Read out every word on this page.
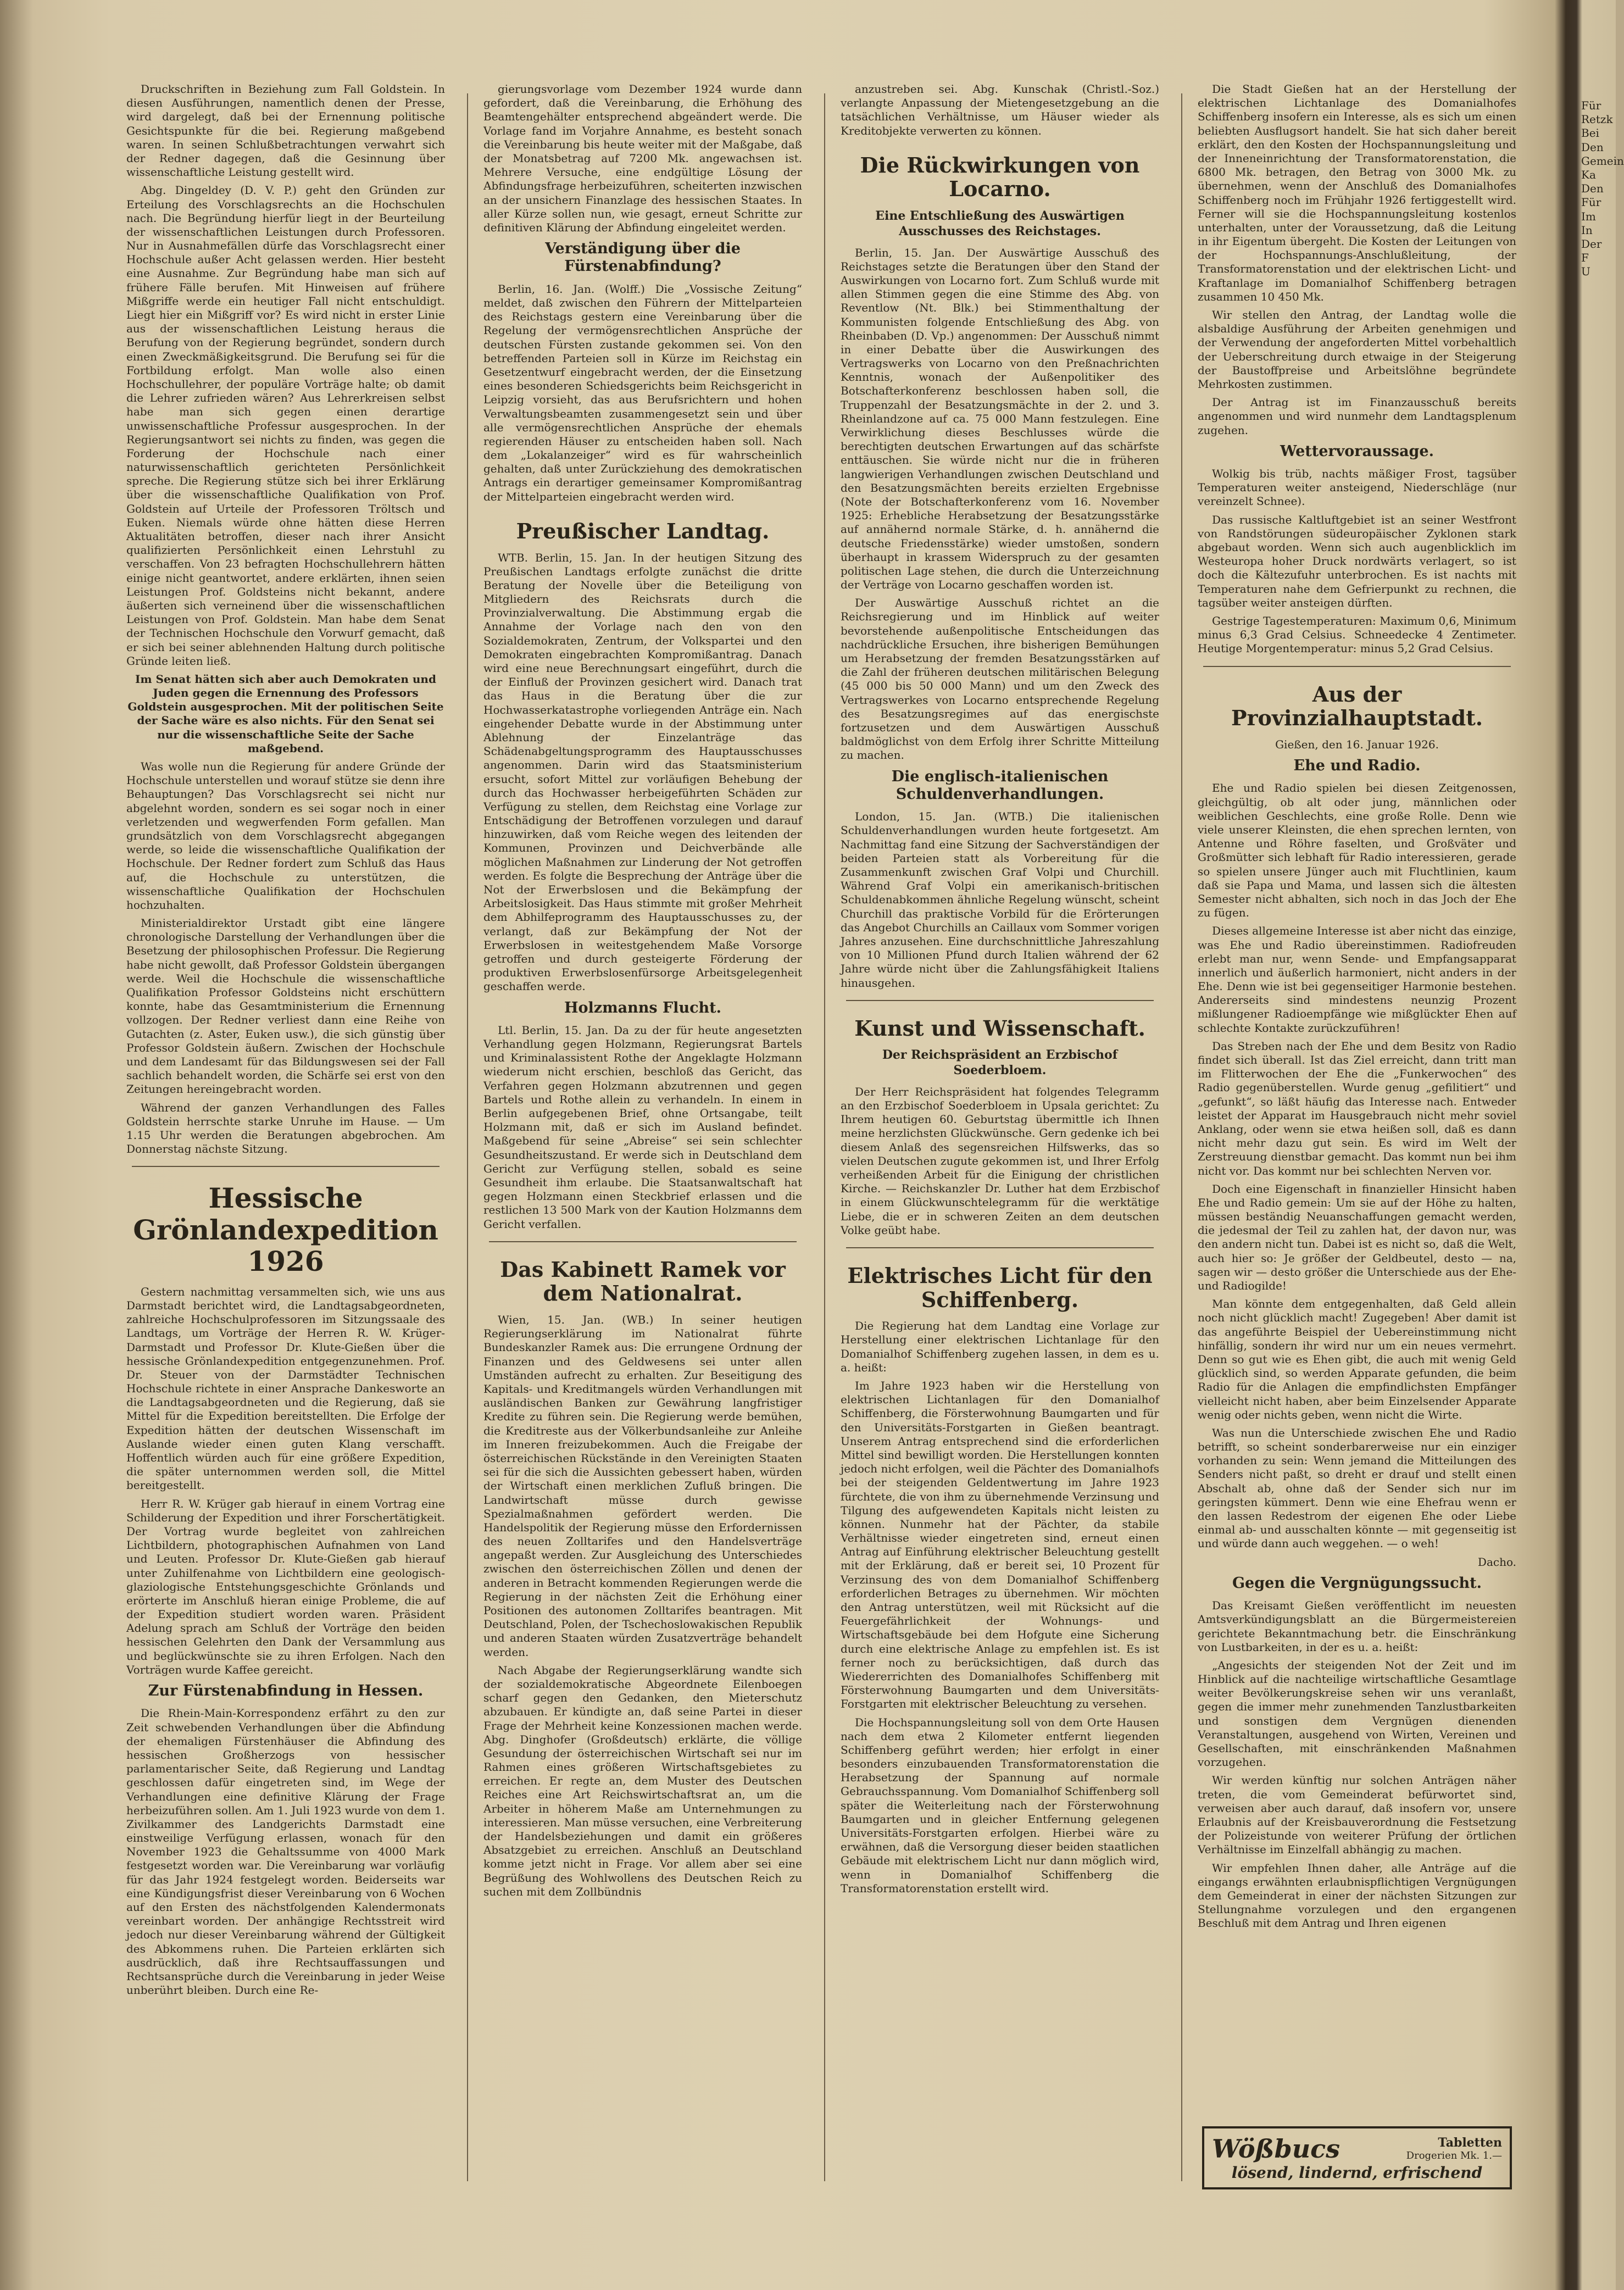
Druckschriften in Beziehung zum Fall Goldstein. In diesen Ausführungen, namentlich denen der Presse, wird dargelegt, daß bei der Ernennung politische Gesichtspunkte für die bei. Regierung maßgebend waren. In seinen Schlußbetrachtungen verwahrt sich der Redner dagegen, daß die Gesinnung über wissenschaftliche Leistung gestellt wird.

Abg. Dingeldey (D. V. P.) geht den Gründen zur Erteilung des Vorschlagsrechts an die Hochschulen nach. Die Begründung hierfür liegt in der Beurteilung der wissenschaftlichen Leistungen durch Professoren. Nur in Ausnahmefällen dürfe das Vorschlagsrecht einer Hochschule außer Acht gelassen werden. Hier besteht eine Ausnahme. Zur Begründung habe man sich auf frühere Fälle berufen. Mit Hinweisen auf frühere Mißgriffe werde ein heutiger Fall nicht entschuldigt. Liegt hier ein Mißgriff vor? Es wird nicht in erster Linie aus der wissenschaftlichen Leistung heraus die Berufung von der Regierung begründet, sondern durch einen Zweckmäßigkeitsgrund. Die Berufung sei für die Fortbildung erfolgt. Man wolle also einen Hochschullehrer, der populäre Vorträge halte; ob damit die Lehrer zufrieden wären? Aus Lehrerkreisen selbst habe man sich gegen einen derartige unwissenschaftliche Professur ausgesprochen. In der Regierungsantwort sei nichts zu finden, was gegen die Forderung der Hochschule nach einer naturwissenschaftlich gerichteten Persönlichkeit spreche. Die Regierung stütze sich bei ihrer Erklärung über die wissenschaftliche Qualifikation von Prof. Goldstein auf Urteile der Professoren Tröltsch und Euken. Niemals würde ohne hätten diese Herren Aktualitäten betroffen, dieser nach ihrer Ansicht qualifizierten Persönlichkeit einen Lehrstuhl zu verschaffen. Von 23 befragten Hochschullehrern hätten einige nicht geantwortet, andere erklärten, ihnen seien Leistungen Prof. Goldsteins nicht bekannt, andere äußerten sich verneinend über die wissenschaftlichen Leistungen von Prof. Goldstein. Man habe dem Senat der Technischen Hochschule den Vorwurf gemacht, daß er sich bei seiner ablehnenden Haltung durch politische Gründe leiten ließ.

Im Senat hätten sich aber auch Demokraten und Juden gegen die Ernennung des Professors Goldstein ausgesprochen. Mit der politischen Seite der Sache wäre es also nichts. Für den Senat sei nur die wissenschaftliche Seite der Sache maßgebend.

Was wolle nun die Regierung für andere Gründe der Hochschule unterstellen und worauf stütze sie denn ihre Behauptungen? Das Vorschlagsrecht sei nicht nur abgelehnt worden, sondern es sei sogar noch in einer verletzenden und wegwerfenden Form gefallen. Man grundsätzlich von dem Vorschlagsrecht abgegangen werde, so leide die wissenschaftliche Qualifikation der Hochschule. Der Redner fordert zum Schluß das Haus auf, die Hochschule zu unterstützen, die wissenschaftliche Qualifikation der Hochschulen hochzuhalten.

Ministerialdirektor Urstadt gibt eine längere chronologische Darstellung der Verhandlungen über die Besetzung der philosophischen Professur. Die Regierung habe nicht gewollt, daß Professor Goldstein übergangen werde. Weil die Hochschule die wissenschaftliche Qualifikation Professor Goldsteins nicht erschüttern konnte, habe das Gesamtministerium die Ernennung vollzogen. Der Redner verliest dann eine Reihe von Gutachten (z. Aster, Euken usw.), die sich günstig über Professor Goldstein äußern. Zwischen der Hochschule und dem Landesamt für das Bildungswesen sei der Fall sachlich behandelt worden, die Schärfe sei erst von den Zeitungen hereingebracht worden.

Während der ganzen Verhandlungen des Falles Goldstein herrschte starke Unruhe im Hause. — Um 1.15 Uhr werden die Beratungen abgebrochen. Am Donnerstag nächste Sitzung.

Hessische Grönlandexpedition 1926

Gestern nachmittag versammelten sich, wie uns aus Darmstadt berichtet wird, die Landtagsabgeordneten, zahlreiche Hochschulprofessoren im Sitzungssaale des Landtags, um Vorträge der Herren R. W. Krüger-Darmstadt und Professor Dr. Klute-Gießen über die hessische Grönlandexpedition entgegenzunehmen. Prof. Dr. Steuer von der Darmstädter Technischen Hochschule richtete in einer Ansprache Dankesworte an die Landtagsabgeordneten und die Regierung, daß sie Mittel für die Expedition bereitstellten. Die Erfolge der Expedition hätten der deutschen Wissenschaft im Auslande wieder einen guten Klang verschafft. Hoffentlich würden auch für eine größere Expedition, die später unternommen werden soll, die Mittel bereitgestellt.

Herr R. W. Krüger gab hierauf in einem Vortrag eine Schilderung der Expedition und ihrer Forschertätigkeit. Der Vortrag wurde begleitet von zahlreichen Lichtbildern, photographischen Aufnahmen von Land und Leuten. Professor Dr. Klute-Gießen gab hierauf unter Zuhilfenahme von Lichtbildern eine geologisch-glaziologische Entstehungsgeschichte Grönlands und erörterte im Anschluß hieran einige Probleme, die auf der Expedition studiert worden waren. Präsident Adelung sprach am Schluß der Vorträge den beiden hessischen Gelehrten den Dank der Versammlung aus und beglückwünschte sie zu ihren Erfolgen. Nach den Vorträgen wurde Kaffee gereicht.

Zur Fürstenabfindung in Hessen.

Die Rhein-Main-Korrespondenz erfährt zu den zur Zeit schwebenden Verhandlungen über die Abfindung der ehemaligen Fürstenhäuser die Abfindung des hessischen Großherzogs von hessischer parlamentarischer Seite, daß Regierung und Landtag geschlossen dafür eingetreten sind, im Wege der Verhandlungen eine definitive Klärung der Frage herbeizuführen sollen. Am 1. Juli 1923 wurde von dem 1. Zivilkammer des Landgerichts Darmstadt eine einstweilige Verfügung erlassen, wonach für den November 1923 die Gehaltssumme von 4000 Mark festgesetzt worden war. Die Vereinbarung war vorläufig für das Jahr 1924 festgelegt worden. Beiderseits war eine Kündigungsfrist dieser Vereinbarung von 6 Wochen auf den Ersten des nächstfolgenden Kalendermonats vereinbart worden. Der anhängige Rechtsstreit wird jedoch nur dieser Vereinbarung während der Gültigkeit des Abkommens ruhen. Die Parteien erklärten sich ausdrücklich, daß ihre Rechtsauffassungen und Rechtsansprüche durch die Vereinbarung in jeder Weise unberührt bleiben. Durch eine Re-

gierungsvorlage vom Dezember 1924 wurde dann gefordert, daß die Vereinbarung, die Erhöhung des Beamtengehälter entsprechend abgeändert werde. Die Vorlage fand im Vorjahre Annahme, es besteht sonach die Vereinbarung bis heute weiter mit der Maßgabe, daß der Monatsbetrag auf 7200 Mk. angewachsen ist. Mehrere Versuche, eine endgültige Lösung der Abfindungsfrage herbeizuführen, scheiterten inzwischen an der unsichern Finanzlage des hessischen Staates. In aller Kürze sollen nun, wie gesagt, erneut Schritte zur definitiven Klärung der Abfindung eingeleitet werden.

Verständigung über die Fürstenabfindung?

Berlin, 16. Jan. (Wolff.) Die „Vossische Zeitung“ meldet, daß zwischen den Führern der Mittelparteien des Reichstags gestern eine Vereinbarung über die Regelung der vermögensrechtlichen Ansprüche der deutschen Fürsten zustande gekommen sei. Von den betreffenden Parteien soll in Kürze im Reichstag ein Gesetzentwurf eingebracht werden, der die Einsetzung eines besonderen Schiedsgerichts beim Reichsgericht in Leipzig vorsieht, das aus Berufsrichtern und hohen Verwaltungsbeamten zusammengesetzt sein und über alle vermögensrechtlichen Ansprüche der ehemals regierenden Häuser zu entscheiden haben soll. Nach dem „Lokalanzeiger“ wird es für wahrscheinlich gehalten, daß unter Zurückziehung des demokratischen Antrags ein derartiger gemeinsamer Kompromißantrag der Mittelparteien eingebracht werden wird.

Preußischer Landtag.

WTB. Berlin, 15. Jan. In der heutigen Sitzung des Preußischen Landtags erfolgte zunächst die dritte Beratung der Novelle über die Beteiligung von Mitgliedern des Reichsrats durch die Provinzialverwaltung. Die Abstimmung ergab die Annahme der Vorlage nach den von den Sozialdemokraten, Zentrum, der Volkspartei und den Demokraten eingebrachten Kompromißantrag. Danach wird eine neue Berechnungsart eingeführt, durch die der Einfluß der Provinzen gesichert wird. Danach trat das Haus in die Beratung über die zur Hochwasserkatastrophe vorliegenden Anträge ein. Nach eingehender Debatte wurde in der Abstimmung unter Ablehnung der Einzelanträge das Schädenabgeltungsprogramm des Hauptausschusses angenommen. Darin wird das Staatsministerium ersucht, sofort Mittel zur vorläufigen Behebung der durch das Hochwasser herbeigeführten Schäden zur Verfügung zu stellen, dem Reichstag eine Vorlage zur Entschädigung der Betroffenen vorzulegen und darauf hinzuwirken, daß vom Reiche wegen des leitenden der Kommunen, Provinzen und Deichverbände alle möglichen Maßnahmen zur Linderung der Not getroffen werden. Es folgte die Besprechung der Anträge über die Not der Erwerbslosen und die Bekämpfung der Arbeitslosigkeit. Das Haus stimmte mit großer Mehrheit dem Abhilfeprogramm des Hauptausschusses zu, der verlangt, daß zur Bekämpfung der Not der Erwerbslosen in weitestgehendem Maße Vorsorge getroffen und durch gesteigerte Förderung der produktiven Erwerbslosenfürsorge Arbeitsgelegenheit geschaffen werde.

Holzmanns Flucht.

Ltl. Berlin, 15. Jan. Da zu der für heute angesetzten Verhandlung gegen Holzmann, Regierungsrat Bartels und Kriminalassistent Rothe der Angeklagte Holzmann wiederum nicht erschien, beschloß das Gericht, das Verfahren gegen Holzmann abzutrennen und gegen Bartels und Rothe allein zu verhandeln. In einem in Berlin aufgegebenen Brief, ohne Ortsangabe, teilt Holzmann mit, daß er sich im Ausland befindet. Maßgebend für seine „Abreise“ sei sein schlechter Gesundheitszustand. Er werde sich in Deutschland dem Gericht zur Verfügung stellen, sobald es seine Gesundheit ihm erlaube. Die Staatsanwaltschaft hat gegen Holzmann einen Steckbrief erlassen und die restlichen 13 500 Mark von der Kaution Holzmanns dem Gericht verfallen.

Das Kabinett Ramek vor dem Nationalrat.

Wien, 15. Jan. (WB.) In seiner heutigen Regierungserklärung im Nationalrat führte Bundeskanzler Ramek aus: Die errungene Ordnung der Finanzen und des Geldwesens sei unter allen Umständen aufrecht zu erhalten. Zur Beseitigung des Kapitals- und Kreditmangels würden Verhandlungen mit ausländischen Banken zur Gewährung langfristiger Kredite zu führen sein. Die Regierung werde bemühen, die Kreditreste aus der Völkerbundsanleihe zur Anleihe im Inneren freizubekommen. Auch die Freigabe der österreichischen Rückstände in den Vereinigten Staaten sei für die sich die Aussichten gebessert haben, würden der Wirtschaft einen merklichen Zufluß bringen. Die Landwirtschaft müsse durch gewisse Spezialmaßnahmen gefördert werden. Die Handelspolitik der Regierung müsse den Erfordernissen des neuen Zolltarifes und den Handelsverträge angepaßt werden. Zur Ausgleichung des Unterschiedes zwischen den österreichischen Zöllen und denen der anderen in Betracht kommenden Regierungen werde die Regierung in der nächsten Zeit die Erhöhung einer Positionen des autonomen Zolltarifes beantragen. Mit Deutschland, Polen, der Tschechoslowakischen Republik und anderen Staaten würden Zusatzverträge behandelt werden.

Nach Abgabe der Regierungserklärung wandte sich der sozialdemokratische Abgeordnete Eilenboegen scharf gegen den Gedanken, den Mieterschutz abzubauen. Er kündigte an, daß seine Partei in dieser Frage der Mehrheit keine Konzessionen machen werde. Abg. Dinghofer (Großdeutsch) erklärte, die völlige Gesundung der österreichischen Wirtschaft sei nur im Rahmen eines größeren Wirtschaftsgebietes zu erreichen. Er regte an, dem Muster des Deutschen Reiches eine Art Reichswirtschaftsrat an, um die Arbeiter in höherem Maße am Unternehmungen zu interessieren. Man müsse versuchen, eine Verbreiterung der Handelsbeziehungen und damit ein größeres Absatzgebiet zu erreichen. Anschluß an Deutschland komme jetzt nicht in Frage. Vor allem aber sei eine Begrüßung des Wohlwollens des Deutschen Reich zu suchen mit dem Zollbündnis

anzustreben sei. Abg. Kunschak (Christl.-Soz.) verlangte Anpassung der Mietengesetzgebung an die tatsächlichen Verhältnisse, um Häuser wieder als Kreditobjekte verwerten zu können.

Die Rückwirkungen von Locarno.
Eine Entschließung des Auswärtigen Ausschusses des Reichstages.

Berlin, 15. Jan. Der Auswärtige Ausschuß des Reichstages setzte die Beratungen über den Stand der Auswirkungen von Locarno fort. Zum Schluß wurde mit allen Stimmen gegen die eine Stimme des Abg. von Reventlow (Nt. Blk.) bei Stimmenthaltung der Kommunisten folgende Entschließung des Abg. von Rheinbaben (D. Vp.) angenommen: Der Ausschuß nimmt in einer Debatte über die Auswirkungen des Vertragswerks von Locarno von den Preßnachrichten Kenntnis, wonach der Außenpolitiker des Botschafterkonferenz beschlossen haben soll, die Truppenzahl der Besatzungsmächte in der 2. und 3. Rheinlandzone auf ca. 75 000 Mann festzulegen. Eine Verwirklichung dieses Beschlusses würde die berechtigten deutschen Erwartungen auf das schärfste enttäuschen. Sie würde nicht nur die in früheren langwierigen Verhandlungen zwischen Deutschland und den Besatzungsmächten bereits erzielten Ergebnisse (Note der Botschafterkonferenz vom 16. November 1925: Erhebliche Herabsetzung der Besatzungsstärke auf annähernd normale Stärke, d. h. annähernd die deutsche Friedensstärke) wieder umstoßen, sondern überhaupt in krassem Widerspruch zu der gesamten politischen Lage stehen, die durch die Unterzeichnung der Verträge von Locarno geschaffen worden ist.

Der Auswärtige Ausschuß richtet an die Reichsregierung und im Hinblick auf weiter bevorstehende außenpolitische Entscheidungen das nachdrückliche Ersuchen, ihre bisherigen Bemühungen um Herabsetzung der fremden Besatzungsstärken auf die Zahl der früheren deutschen militärischen Belegung (45 000 bis 50 000 Mann) und um den Zweck des Vertragswerkes von Locarno entsprechende Regelung des Besatzungsregimes auf das energischste fortzusetzen und dem Auswärtigen Ausschuß baldmöglichst von dem Erfolg ihrer Schritte Mitteilung zu machen.

Die englisch-italienischen Schuldenverhandlungen.

London, 15. Jan. (WTB.) Die italienischen Schuldenverhandlungen wurden heute fortgesetzt. Am Nachmittag fand eine Sitzung der Sachverständigen der beiden Parteien statt als Vorbereitung für die Zusammenkunft zwischen Graf Volpi und Churchill. Während Graf Volpi ein amerikanisch-britischen Schuldenabkommen ähnliche Regelung wünscht, scheint Churchill das praktische Vorbild für die Erörterungen das Angebot Churchills an Caillaux vom Sommer vorigen Jahres anzusehen. Eine durchschnittliche Jahreszahlung von 10 Millionen Pfund durch Italien während der 62 Jahre würde nicht über die Zahlungsfähigkeit Italiens hinausgehen.

Kunst und Wissenschaft.
Der Reichspräsident an Erzbischof Soederbloem.

Der Herr Reichspräsident hat folgendes Telegramm an den Erzbischof Soederbloem in Upsala gerichtet: Zu Ihrem heutigen 60. Geburtstag übermittle ich Ihnen meine herzlichsten Glückwünsche. Gern gedenke ich bei diesem Anlaß des segensreichen Hilfswerks, das so vielen Deutschen zugute gekommen ist, und Ihrer Erfolg verheißenden Arbeit für die Einigung der christlichen Kirche. — Reichskanzler Dr. Luther hat dem Erzbischof in einem Glückwunschtelegramm für die werktätige Liebe, die er in schweren Zeiten an dem deutschen Volke geübt habe.

Elektrisches Licht für den Schiffenberg.

Die Regierung hat dem Landtag eine Vorlage zur Herstellung einer elektrischen Lichtanlage für den Domanialhof Schiffenberg zugehen lassen, in dem es u. a. heißt:

Im Jahre 1923 haben wir die Herstellung von elektrischen Lichtanlagen für den Domanialhof Schiffenberg, die Försterwohnung Baumgarten und für den Universitäts-Forstgarten in Gießen beantragt. Unserem Antrag entsprechend sind die erforderlichen Mittel sind bewilligt worden. Die Herstellungen konnten jedoch nicht erfolgen, weil die Pächter des Domanialhofs bei der steigenden Geldentwertung im Jahre 1923 fürchtete, die von ihm zu übernehmende Verzinsung und Tilgung des aufgewendeten Kapitals nicht leisten zu können. Nunmehr hat der Pächter, da stabile Verhältnisse wieder eingetreten sind, erneut einen Antrag auf Einführung elektrischer Beleuchtung gestellt mit der Erklärung, daß er bereit sei, 10 Prozent für Verzinsung des von dem Domanialhof Schiffenberg erforderlichen Betrages zu übernehmen. Wir möchten den Antrag unterstützen, weil mit Rücksicht auf die Feuergefährlichkeit der Wohnungs- und Wirtschaftsgebäude bei dem Hofgute eine Sicherung durch eine elektrische Anlage zu empfehlen ist. Es ist ferner noch zu berücksichtigen, daß durch das Wiedererrichten des Domanialhofes Schiffenberg mit Försterwohnung Baumgarten und dem Universitäts-Forstgarten mit elektrischer Beleuchtung zu versehen.

Die Hochspannungsleitung soll von dem Orte Hausen nach dem etwa 2 Kilometer entfernt liegenden Schiffenberg geführt werden; hier erfolgt in einer besonders einzubauenden Transformatorenstation die Herabsetzung der Spannung auf normale Gebrauchsspannung. Vom Domanialhof Schiffenberg soll später die Weiterleitung nach der Försterwohnung Baumgarten und in gleicher Entfernung gelegenen Universitäts-Forstgarten erfolgen. Hierbei wäre zu erwähnen, daß die Versorgung dieser beiden staatlichen Gebäude mit elektrischem Licht nur dann möglich wird, wenn in Domanialhof Schiffenberg die Transformatorenstation erstellt wird.

Die Stadt Gießen hat an der Herstellung der elektrischen Lichtanlage des Domanialhofes Schiffenberg insofern ein Interesse, als es sich um einen beliebten Ausflugsort handelt. Sie hat sich daher bereit erklärt, den den Kosten der Hochspannungsleitung und der Inneneinrichtung der Transformatorenstation, die 6800 Mk. betragen, den Betrag von 3000 Mk. zu übernehmen, wenn der Anschluß des Domanialhofes Schiffenberg noch im Frühjahr 1926 fertiggestellt wird. Ferner will sie die Hochspannungsleitung kostenlos unterhalten, unter der Voraussetzung, daß die Leitung in ihr Eigentum übergeht. Die Kosten der Leitungen von der Hochspannungs-Anschlußleitung, der Transformatorenstation und der elektrischen Licht- und Kraftanlage im Domanialhof Schiffenberg betragen zusammen 10 450 Mk.

Wir stellen den Antrag, der Landtag wolle die alsbaldige Ausführung der Arbeiten genehmigen und der Verwendung der angeforderten Mittel vorbehaltlich der Ueberschreitung durch etwaige in der Steigerung der Baustoffpreise und Arbeitslöhne begründete Mehrkosten zustimmen.

Der Antrag ist im Finanzausschuß bereits angenommen und wird nunmehr dem Landtagsplenum zugehen.

Wettervoraussage.

Wolkig bis trüb, nachts mäßiger Frost, tagsüber Temperaturen weiter ansteigend, Niederschläge (nur vereinzelt Schnee).

Das russische Kaltluftgebiet ist an seiner Westfront von Randstörungen südeuropäischer Zyklonen stark abgebaut worden. Wenn sich auch augenblicklich im Westeuropa hoher Druck nordwärts verlagert, so ist doch die Kältezufuhr unterbrochen. Es ist nachts mit Temperaturen nahe dem Gefrierpunkt zu rechnen, die tagsüber weiter ansteigen dürften.

Gestrige Tagestemperaturen: Maximum 0,6, Minimum minus 6,3 Grad Celsius. Schneedecke 4 Zentimeter. Heutige Morgentemperatur: minus 5,2 Grad Celsius.

Aus der Provinzialhauptstadt.
Gießen, den 16. Januar 1926.
Ehe und Radio.

Ehe und Radio spielen bei diesen Zeitgenossen, gleichgültig, ob alt oder jung, männlichen oder weiblichen Geschlechts, eine große Rolle. Denn wie viele unserer Kleinsten, die ehen sprechen lernten, von Antenne und Röhre faselten, und Großväter und Großmütter sich lebhaft für Radio interessieren, gerade so spielen unsere Jünger auch mit Fluchtlinien, kaum daß sie Papa und Mama, und lassen sich die ältesten Semester nicht abhalten, sich noch in das Joch der Ehe zu fügen.

Dieses allgemeine Interesse ist aber nicht das einzige, was Ehe und Radio übereinstimmen. Radiofreuden erlebt man nur, wenn Sende- und Empfangsapparat innerlich und äußerlich harmoniert, nicht anders in der Ehe. Denn wie ist bei gegenseitiger Harmonie bestehen. Andererseits sind mindestens neunzig Prozent mißlungener Radioempfänge wie mißglückter Ehen auf schlechte Kontakte zurückzuführen!

Das Streben nach der Ehe und dem Besitz von Radio findet sich überall. Ist das Ziel erreicht, dann tritt man im Flitterwochen der Ehe die „Funkerwochen“ des Radio gegenüberstellen. Wurde genug „gefilitiert“ und „gefunkt“, so läßt häufig das Interesse nach. Entweder leistet der Apparat im Hausgebrauch nicht mehr soviel Anklang, oder wenn sie etwa heißen soll, daß es dann nicht mehr dazu gut sein. Es wird im Welt der Zerstreuung dienstbar gemacht. Das kommt nun bei ihm nicht vor. Das kommt nur bei schlechten Nerven vor.

Doch eine Eigenschaft in finanzieller Hinsicht haben Ehe und Radio gemein: Um sie auf der Höhe zu halten, müssen beständig Neuanschaffungen gemacht werden, die jedesmal der Teil zu zahlen hat, der davon nur, was den andern nicht tun. Dabei ist es nicht so, daß die Welt, auch hier so: Je größer der Geldbeutel, desto — na, sagen wir — desto größer die Unterschiede aus der Ehe- und Radiogilde!

Man könnte dem entgegenhalten, daß Geld allein noch nicht glücklich macht! Zugegeben! Aber damit ist das angeführte Beispiel der Uebereinstimmung nicht hinfällig, sondern ihr wird nur um ein neues vermehrt. Denn so gut wie es Ehen gibt, die auch mit wenig Geld glücklich sind, so werden Apparate gefunden, die beim Radio für die Anlagen die empfindlichsten Empfänger vielleicht nicht haben, aber beim Einzelsender Apparate wenig oder nichts geben, wenn nicht die Wirte.

Was nun die Unterschiede zwischen Ehe und Radio betrifft, so scheint sonderbarerweise nur ein einziger vorhanden zu sein: Wenn jemand die Mitteilungen des Senders nicht paßt, so dreht er drauf und stellt einen Abschalt ab, ohne daß der Sender sich nur im geringsten kümmert. Denn wie eine Ehefrau wenn er den lassen Redestrom der eigenen Ehe oder Liebe einmal ab- und ausschalten könnte — mit gegenseitig ist und würde dann auch weggehen. — o weh!

Dacho.

Gegen die Vergnügungssucht.

Das Kreisamt Gießen veröffentlicht im neuesten Amtsverkündigungsblatt an die Bürgermeistereien gerichtete Bekanntmachung betr. die Einschränkung von Lustbarkeiten, in der es u. a. heißt:

„Angesichts der steigenden Not der Zeit und im Hinblick auf die nachteilige wirtschaftliche Gesamtlage weiter Bevölkerungskreise sehen wir uns veranlaßt, gegen die immer mehr zunehmenden Tanzlustbarkeiten und sonstigen dem Vergnügen dienenden Veranstaltungen, ausgehend von Wirten, Vereinen und Gesellschaften, mit einschränkenden Maßnahmen vorzugehen.

Wir werden künftig nur solchen Anträgen näher treten, die vom Gemeinderat befürwortet sind, verweisen aber auch darauf, daß insofern vor, unsere Erlaubnis auf der Kreisbauverordnung die Festsetzung der Polizeistunde von weiterer Prüfung der örtlichen Verhältnisse im Einzelfall abhängig zu machen.

Wir empfehlen Ihnen daher, alle Anträge auf die eingangs erwähnten erlaubnispflichtigen Vergnügungen dem Gemeinderat in einer der nächsten Sitzungen zur Stellungnahme vorzulegen und den ergangenen Beschluß mit dem Antrag und Ihren eigenen

Wößbucs	Tabletten
Drogerien Mk. 1.—
lösend, lindernd, erfrischend
Für
Retzk
Bei
Den
Gemein
Ka
Den
Für
Im
In
Der
F
U
